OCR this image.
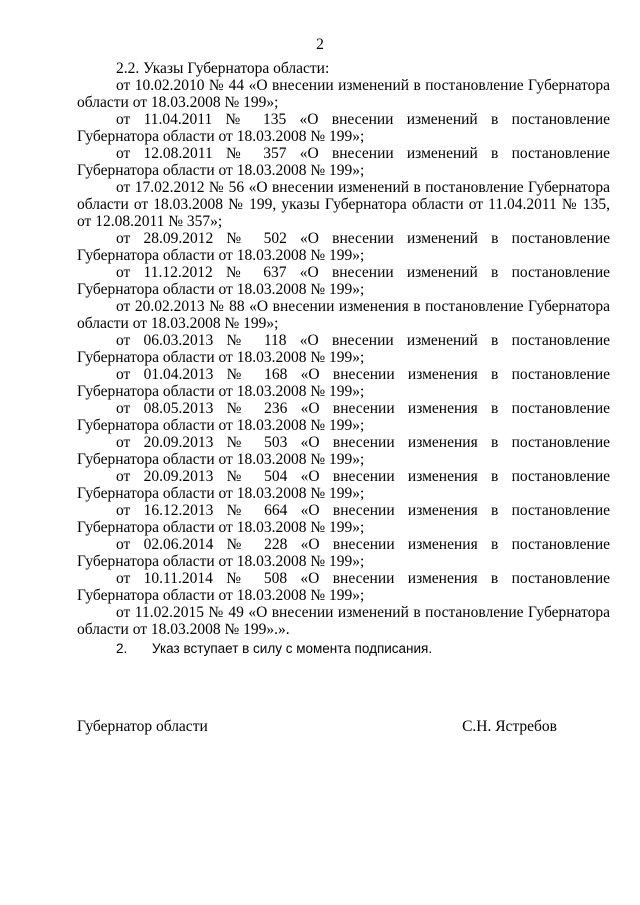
2

2.2. Указы Губернатора области:

от 10.02.2010 № 44 «О внесении изменений в постановление Губернатора области от 18.03.2008 № 199»;

от 11.04.2011 № 135 «О внесении изменений в постановление Губернатора области от 18.03.2008 № 199»;

от 12.08.2011 № 357 «О внесении изменений в постановление Губернатора области от 18.03.2008 № 199»;

от 17.02.2012 № 56 «О внесении изменений в постановление Губернатора области от 18.03.2008 № 199, указы Губернатора области от 11.04.2011 № 135, от 12.08.2011 № 357»;

от 28.09.2012 № 502 «О внесении изменений в постановление Губернатора области от 18.03.2008 № 199»;

от 11.12.2012 № 637 «О внесении изменений в постановление Губернатора области от 18.03.2008 № 199»;

от 20.02.2013 № 88 «О внесении изменения в постановление Губернатора области от 18.03.2008 № 199»;

от 06.03.2013 № 118 «О внесении изменений в постановление Губернатора области от 18.03.2008 № 199»;

от 01.04.2013 № 168 «О внесении изменения в постановление Губернатора области от 18.03.2008 № 199»;

от 08.05.2013 № 236 «О внесении изменения в постановление Губернатора области от 18.03.2008 № 199»;

от 20.09.2013 № 503 «О внесении изменения в постановление Губернатора области от 18.03.2008 № 199»;

от 20.09.2013 № 504 «О внесении изменения в постановление Губернатора области от 18.03.2008 № 199»;

от 16.12.2013 № 664 «О внесении изменения в постановление Губернатора области от 18.03.2008 № 199»;

от 02.06.2014 № 228 «О внесении изменения в постановление Губернатора области от 18.03.2008 № 199»;

от 10.11.2014 № 508 «О внесении изменения в постановление Губернатора области от 18.03.2008 № 199»;

от 11.02.2015 № 49 «О внесении изменений в постановление Губернатора области от 18.03.2008 № 199».».

2. Указ вступает в силу с момента подписания.

Губернатор области	С.Н. Ястребов
